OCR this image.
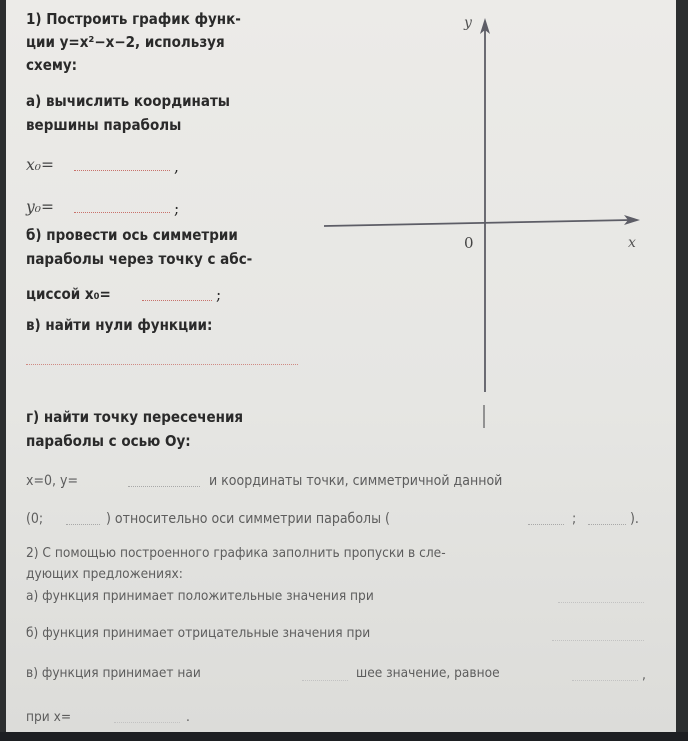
1) Построить график функ-
ции y=x²−x−2, используя
схему:
а) вычислить координаты
вершины параболы
x₀=	,
y₀=	;
б) провести ось симметрии
параболы через точку с абс-
циссой x₀=	;
в) найти нули функции:
y
x
0
г) найти точку пересечения
параболы с осью Oy:
x=0, y=	и координаты точки, симметричной данной
(0;	) относительно оси симметрии параболы (	;	).
2) С помощью построенного графика заполнить пропуски в сле-
дующих предложениях:
а) функция принимает положительные значения при
б) функция принимает отрицательные значения при
в) функция принимает наи	шее значение, равное	,
при x=	.
